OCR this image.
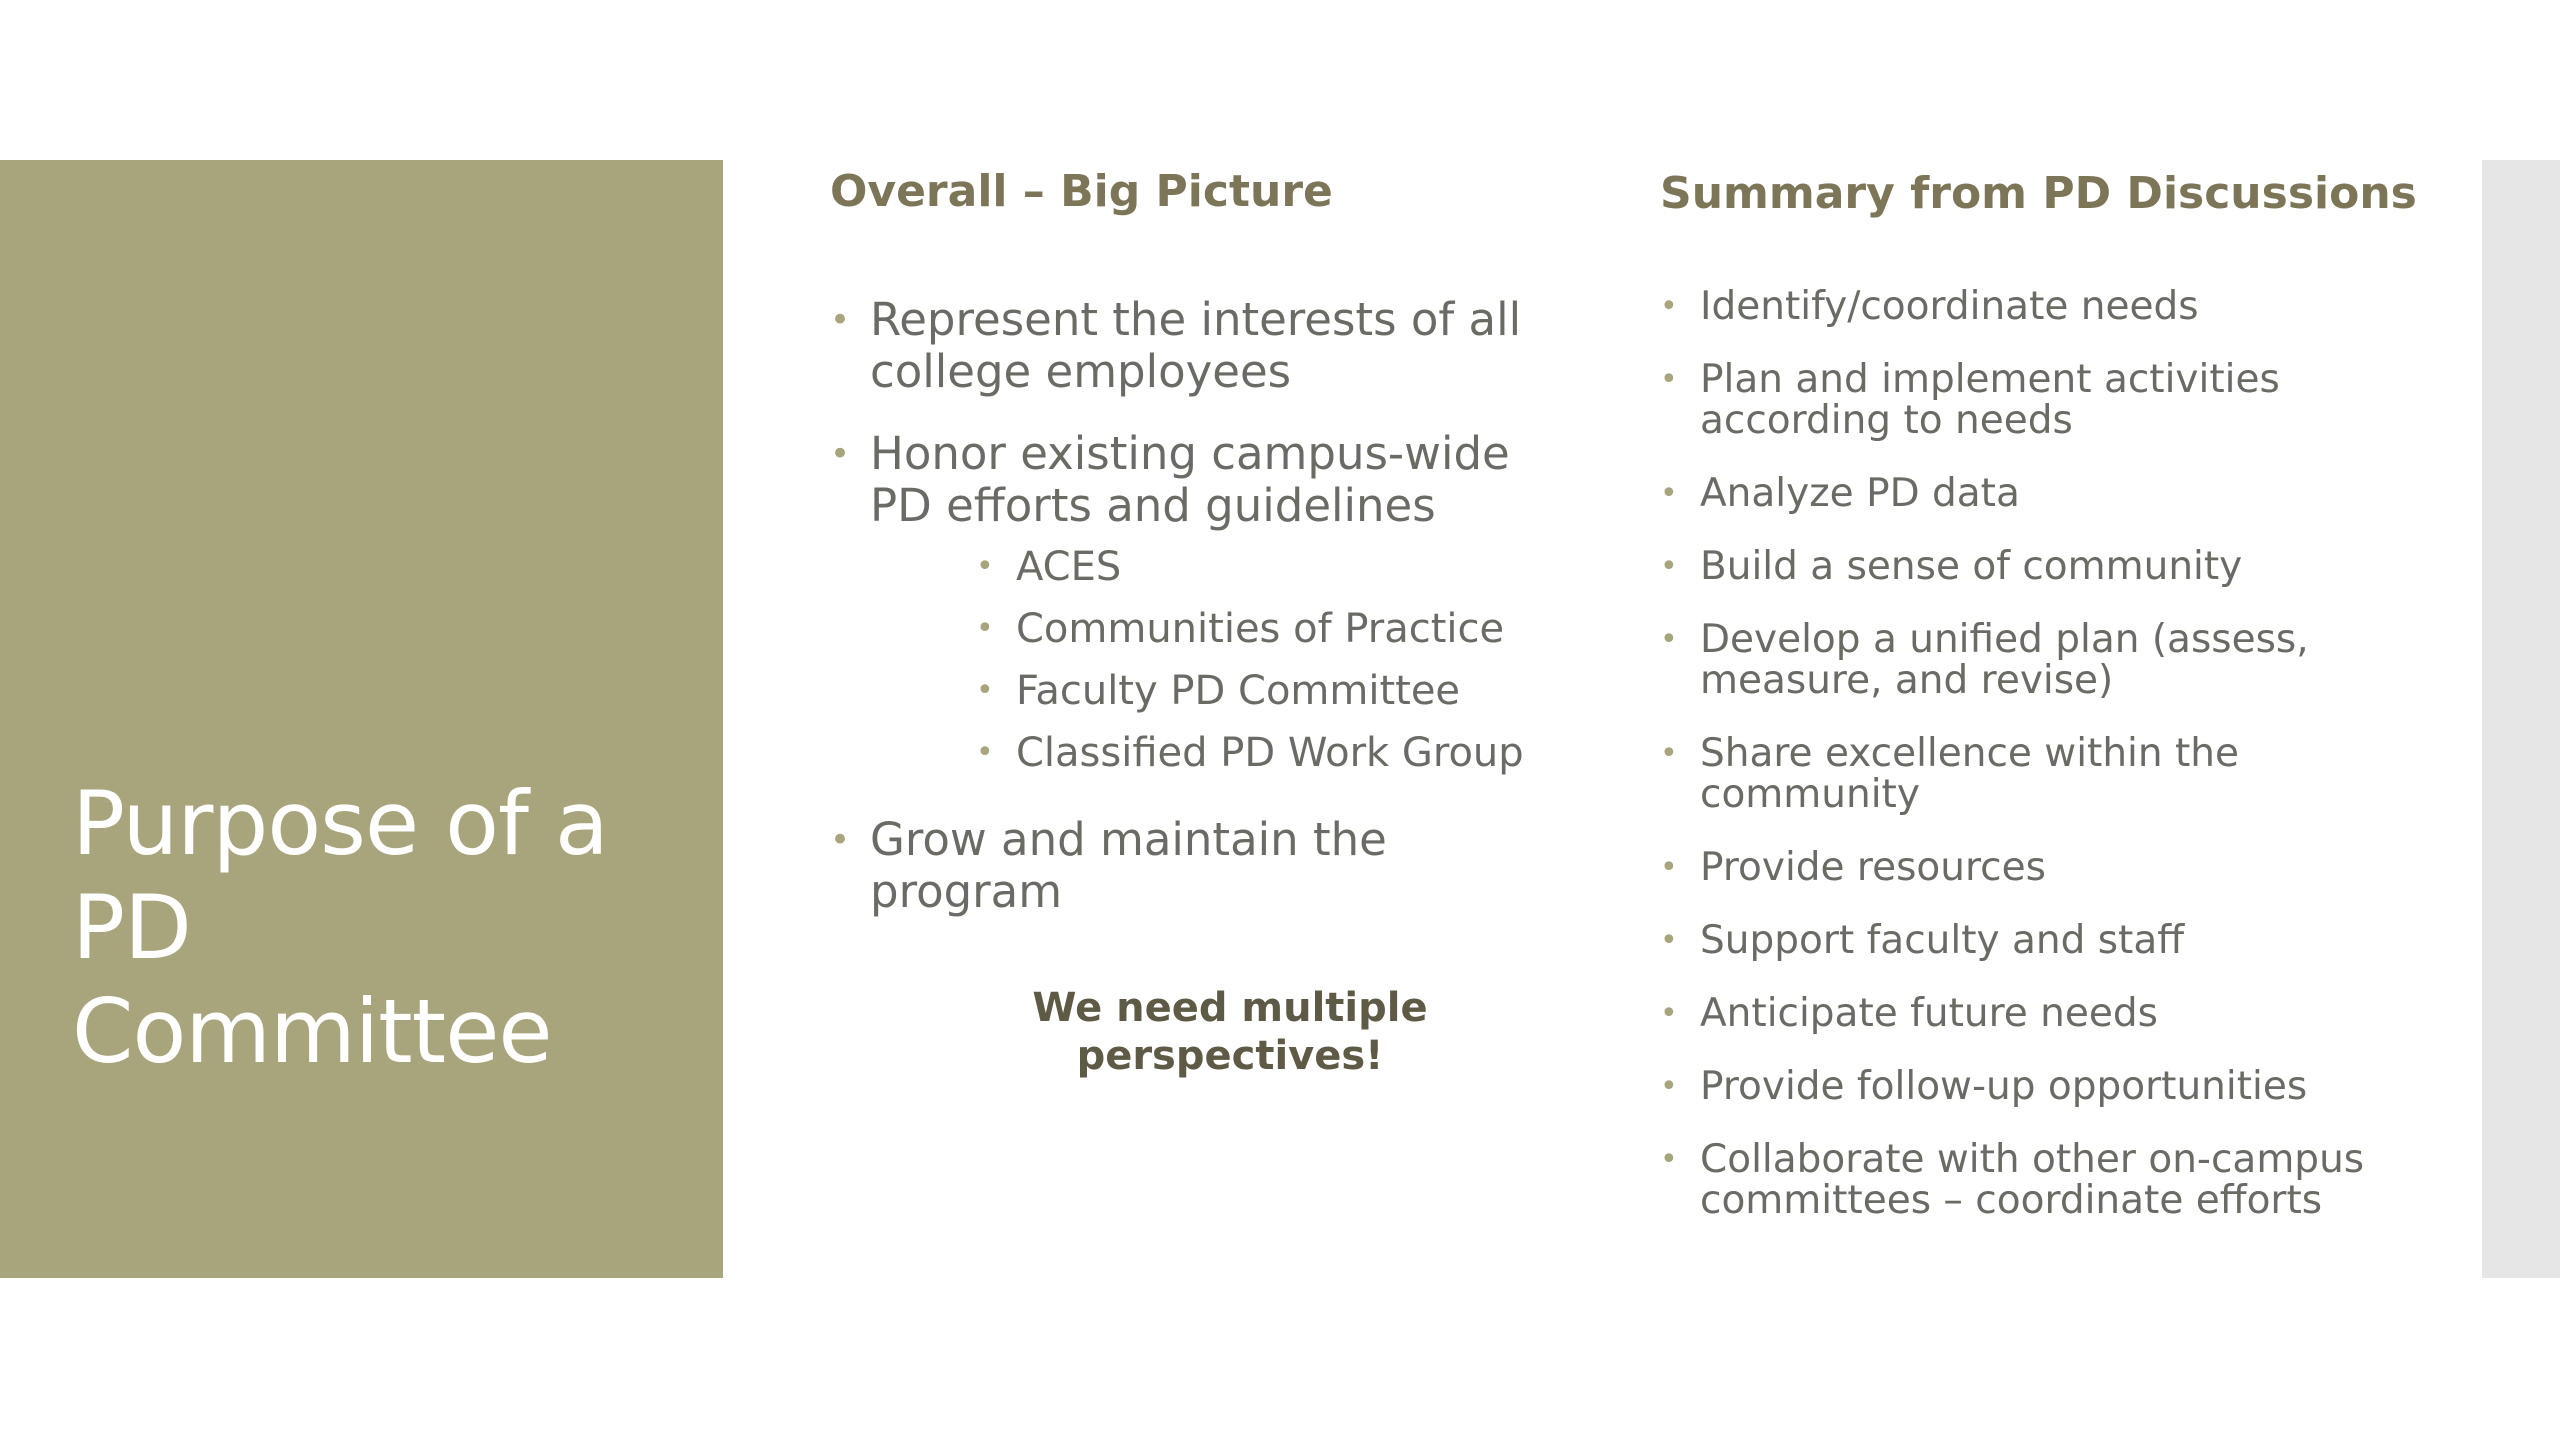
Purpose of a PD Committee
Overall – Big Picture
• Represent the interests of all college employees
• Honor existing campus-wide PD efforts and guidelines
• ACES
• Communities of Practice
• Faculty PD Committee
• Classified PD Work Group
• Grow and maintain the program

We need multiple perspectives!

Summary from PD Discussions
• Identify/coordinate needs
• Plan and implement activities according to needs
• Analyze PD data
• Build a sense of community
• Develop a unified plan (assess, measure, and revise)
• Share excellence within the community
• Provide resources
• Support faculty and staff
• Anticipate future needs
• Provide follow-up opportunities
• Collaborate with other on-campus committees – coordinate efforts
